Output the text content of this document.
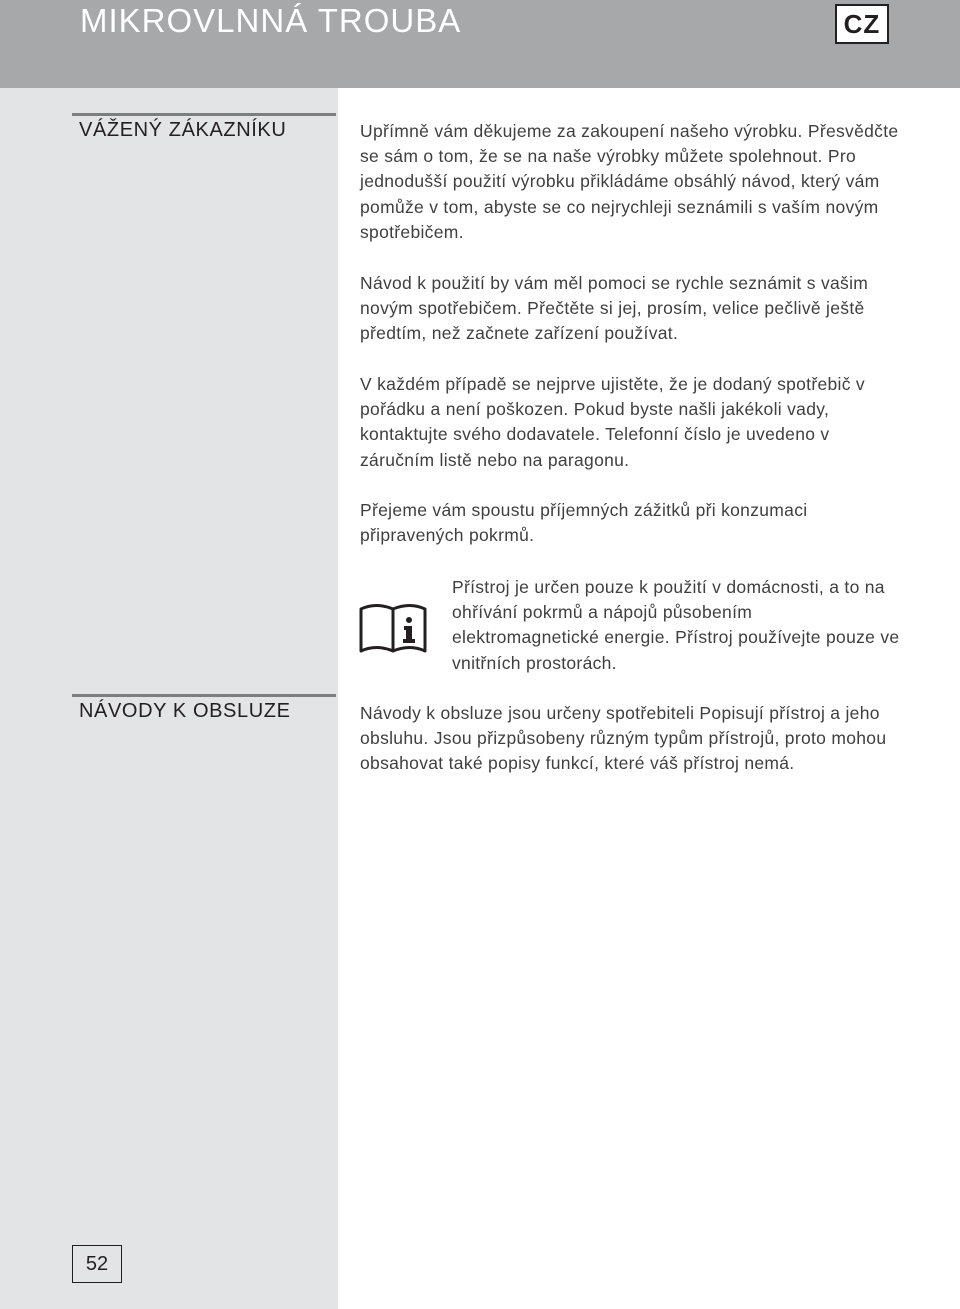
MIKROVLNNÁ TROUBA	CZ
VÁŽENÝ ZÁKAZNÍKU	Upřímně vám děkujeme za zakoupení našeho výrobku. Přesvědčte se sám o tom, že se na naše výrobky můžete spolehnout. Pro jednodušší použití výrobku přikládáme obsáhlý návod, který vám pomůže v tom, abyste se co nejrychleji seznámili s vaším novým spotřebičem.

Návod k použití by vám měl pomoci se rychle seznámit s vašim novým spotřebičem. Přečtěte si jej, prosím, velice pečlivě ještě předtím, než začnete zařízení používat.

V každém případě se nejprve ujistěte, že je dodaný spotřebič v pořádku a není poškozen. Pokud byste našli jakékoli vady, kontaktujte svého dodavatele. Telefonní číslo je uvedeno v záručním listě nebo na paragonu.

Přejeme vám spoustu příjemných zážitků při konzumaci připravených pokrmů.

Přístroj je určen pouze k použití v domácnosti, a to na ohřívání pokrmů a nápojů působením elektromagnetické energie. Přístroj používejte pouze ve vnitřních prostorách.

NÁVODY K OBSLUZE	Návody k obsluze jsou určeny spotřebiteli Popisují přístroj a jeho obsluhu. Jsou přizpůsobeny různým typům přístrojů, proto mohou obsahovat také popisy funkcí, které váš přístroj nemá.

52
